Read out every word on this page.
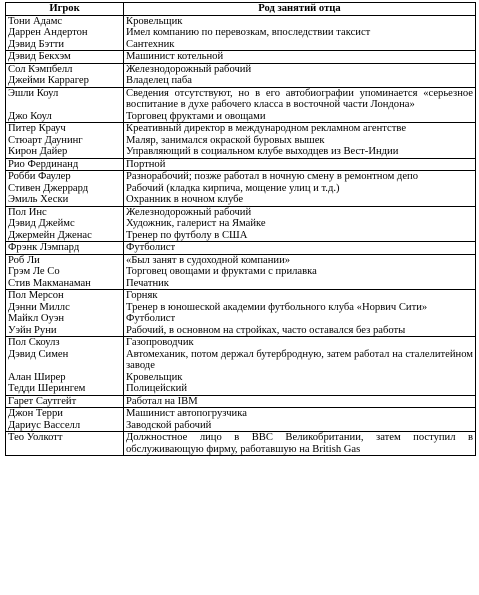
Игрок	Род занятий отца
Тони Адамс	Кровельщик
Даррен Андертон	Имел компанию по перевозкам, впоследствии таксист
Дэвид Бэтти	Сантехник
Дэвид Бекхэм	Машинист котельной
Сол Кэмпбелл	Железнодорожный рабочий
Джейми Каррагер	Владелец паба
Эшли Коул	Сведения отсутствуют, но в его автобиографии упоминается «серьезное воспитание в духе рабочего класса в восточной части Лондона»
Джо Коул	Торговец фруктами и овощами
Питер Крауч	Креативный директор в международном рекламном агентстве
Стюарт Даунинг	Маляр, занимался окраской буровых вышек
Кирон Дайер	Управляющий в социальном клубе выходцев из Вест-Индии
Рио Фердинанд	Портной
Робби Фаулер	Разнорабочий; позже работал в ночную смену в ремонтном депо
Стивен Джеррард	Рабочий (кладка кирпича, мощение улиц и т.д.)
Эмиль Хески	Охранник в ночном клубе
Пол Инс	Железнодорожный рабочий
Дэвид Джеймс	Художник, галерист на Ямайке
Джермейн Дженас	Тренер по футболу в США
Фрэнк Лэмпард	Футболист
Роб Ли	«Был занят в судоходной компании»
Грэм Ле Со	Торговец овощами и фруктами с прилавка
Стив Макманаман	Печатник
Пол Мерсон	Горняк
Дэнни Миллс	Тренер в юношеской академии футбольного клуба «Норвич Сити»
Майкл Оуэн	Футболист
Уэйн Руни	Рабочий, в основном на стройках, часто оставался без работы
Пол Скоулз	Газопроводчик
Дэвид Симен	Автомеханик, потом держал бутербродную, затем работал на сталелитейном заводе
Алан Ширер	Кровельщик
Тедди Шерингем	Полицейский
Гарет Саутгейт	Работал на IBM
Джон Терри	Машинист автопогрузчика
Дариус Васселл	Заводской рабочий
Тео Уолкотт	Должностное лицо в BBC Великобритании, затем поступил в обслуживающую фирму, работавшую на British Gas
